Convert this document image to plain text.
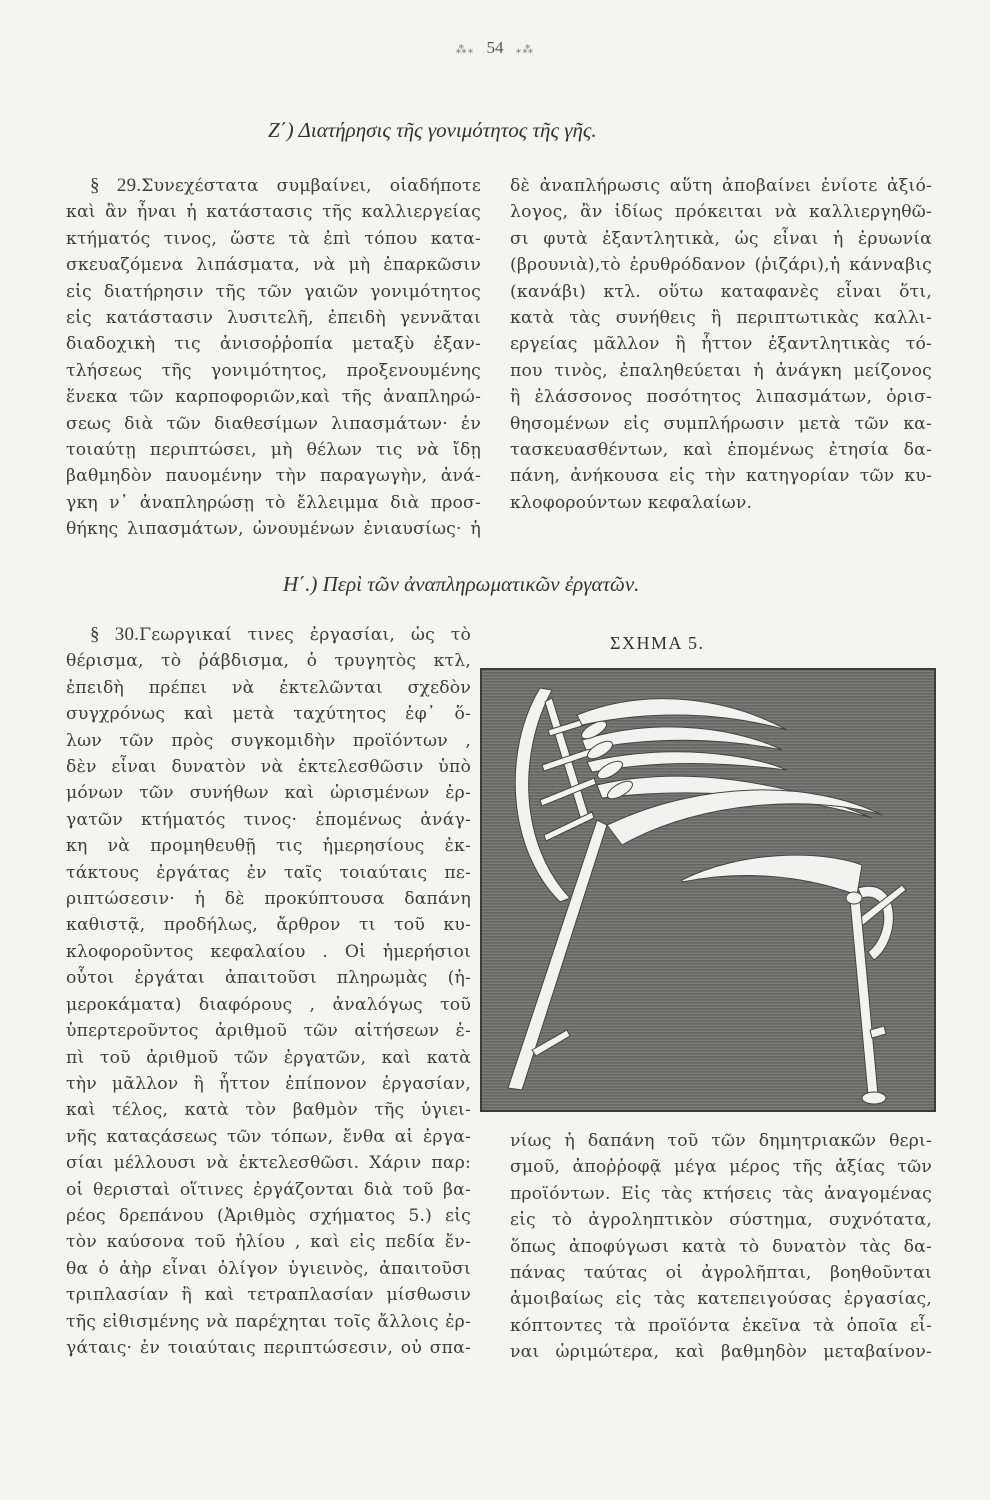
⁂⁎ 54 ⁎⁂
Ζ΄) Διατήρησις τῆς γονιμότητος τῆς γῆς.
§ 29.Συνεχέστατα συμβαίνει, οἱαδήποτε
καὶ ἂν ἦναι ἡ κατάστασις τῆς καλλιεργείας
κτήματός τινος, ὥστε τὰ ἐπὶ τόπου κατα-
σκευαζόμενα λιπάσματα, νὰ μὴ ἐπαρκῶσιν
εἰς διατήρησιν τῆς τῶν γαιῶν γονιμότητος
εἰς κατάστασιν λυσιτελῆ, ἐπειδὴ γεννᾶται
διαδοχικὴ τις ἀνισοῤῥοπία μεταξὺ ἐξαν-
τλήσεως τῆς γονιμότητος, προξενουμένης
ἕνεκα τῶν καρποφοριῶν,καὶ τῆς ἀναπληρώ-
σεως διὰ τῶν διαθεσίμων λιπασμάτων· ἐν
τοιαύτῃ περιπτώσει, μὴ θέλων τις νὰ ἴδῃ
βαθμηδὸν παυομένην τὴν παραγωγὴν, ἀνά-
γκη ν᾽ ἀναπληρώσῃ τὸ ἔλλειμμα διὰ προσ-
θήκης λιπασμάτων, ὠνουμένων ἐνιαυσίως· ἡ
δὲ ἀναπλήρωσις αὕτη ἀποβαίνει ἐνίοτε ἀξιό-
λογος, ἂν ἰδίως πρόκειται νὰ καλλιεργηθῶ-
σι φυτὰ ἐξαντλητικὰ, ὡς εἶναι ἡ ἐρυωνία
(βρουνιὰ),τὸ ἐρυθρόδανον (ῥιζάρι),ἡ κάνναβις
(κανάβι) κτλ. οὕτω καταφανὲς εἶναι ὅτι,
κατὰ τὰς συνήθεις ἢ περιπτωτικὰς καλλι-
εργείας μᾶλλον ἢ ἧττον ἐξαντλητικὰς τό-
που τινὸς, ἐπαληθεύεται ἡ ἀνάγκη μείζονος
ἢ ἐλάσσονος ποσότητος λιπασμάτων, ὁρισ-
θησομένων εἰς συμπλήρωσιν μετὰ τῶν κα-
τασκευασθέντων, καὶ ἑπομένως ἐτησία δα-
πάνη, ἀνήκουσα εἰς τὴν κατηγορίαν τῶν κυ-
κλοφορούντων κεφαλαίων.
Η΄.) Περὶ τῶν ἀναπληρωματικῶν ἐργατῶν.
ΣΧΗΜΑ 5.
§ 30.Γεωργικαί τινες ἐργασίαι, ὡς τὸ
θέρισμα, τὸ ῥάβδισμα, ὁ τρυγητὸς κτλ,
ἐπειδὴ πρέπει νὰ ἐκτελῶνται σχεδὸν
συγχρόνως καὶ μετὰ ταχύτητος ἐφ᾽ ὅ-
λων τῶν πρὸς συγκομιδὴν προϊόντων ,
δὲν εἶναι δυνατὸν νὰ ἐκτελεσθῶσιν ὑπὸ
μόνων τῶν συνήθων καὶ ὡρισμένων ἐρ-
γατῶν κτήματός τινος· ἑπομένως ἀνάγ-
κη νὰ προμηθευθῇ τις ἡμερησίους ἐκ-
τάκτους ἐργάτας ἐν ταῖς τοιαύταις πε-
ριπτώσεσιν· ἡ δὲ προκύπτουσα δαπάνη
καθιστᾷ, προδήλως, ἄρθρον τι τοῦ κυ-
κλοφοροῦντος κεφαλαίου . Οἱ ἡμερήσιοι
οὗτοι ἐργάται ἀπαιτοῦσι πληρωμὰς (ἡ-
μεροκάματα) διαφόρους , ἀναλόγως τοῦ
ὑπερτεροῦντος ἀριθμοῦ τῶν αἰτήσεων ἐ-
πὶ τοῦ ἀριθμοῦ τῶν ἐργατῶν, καὶ κατὰ
τὴν μᾶλλον ἢ ἧττον ἐπίπονον ἐργασίαν,
καὶ τέλος, κατὰ τὸν βαθμὸν τῆς ὑγιει-
νῆς καταςάσεως τῶν τόπων, ἔνθα αἱ ἐργα-
σίαι μέλλουσι νὰ ἐκτελεσθῶσι. Χάριν παρ:
οἱ θερισταὶ οἵτινες ἐργάζονται διὰ τοῦ βα-
ρέος δρεπάνου (Ἀριθμὸς σχήματος 5.) εἰς
τὸν καύσονα τοῦ ἡλίου , καὶ εἰς πεδία ἔν-
θα ὁ ἀὴρ εἶναι ὀλίγον ὑγιεινὸς, ἀπαιτοῦσι
τριπλασίαν ἢ καὶ τετραπλασίαν μίσθωσιν
τῆς εἰθισμένης νὰ παρέχηται τοῖς ἄλλοις ἐρ-
γάταις· ἐν τοιαύταις περιπτώσεσιν, οὐ σπα-
νίως ἡ δαπάνη τοῦ τῶν δημητριακῶν θερι-
σμοῦ, ἀποῤῥοφᾷ μέγα μέρος τῆς ἀξίας τῶν
προϊόντων. Εἰς τὰς κτήσεις τὰς ἀναγομένας
εἰς τὸ ἀγροληπτικὸν σύστημα, συχνότατα,
ὅπως ἀποφύγωσι κατὰ τὸ δυνατὸν τὰς δα-
πάνας ταύτας οἱ ἀγρολῆπται, βοηθοῦνται
ἀμοιβαίως εἰς τὰς κατεπειγούσας ἐργασίας,
κόπτοντες τὰ προϊόντα ἐκεῖνα τὰ ὁποῖα εἶ-
ναι ὡριμώτερα, καὶ βαθμηδὸν μεταβαίνον-
